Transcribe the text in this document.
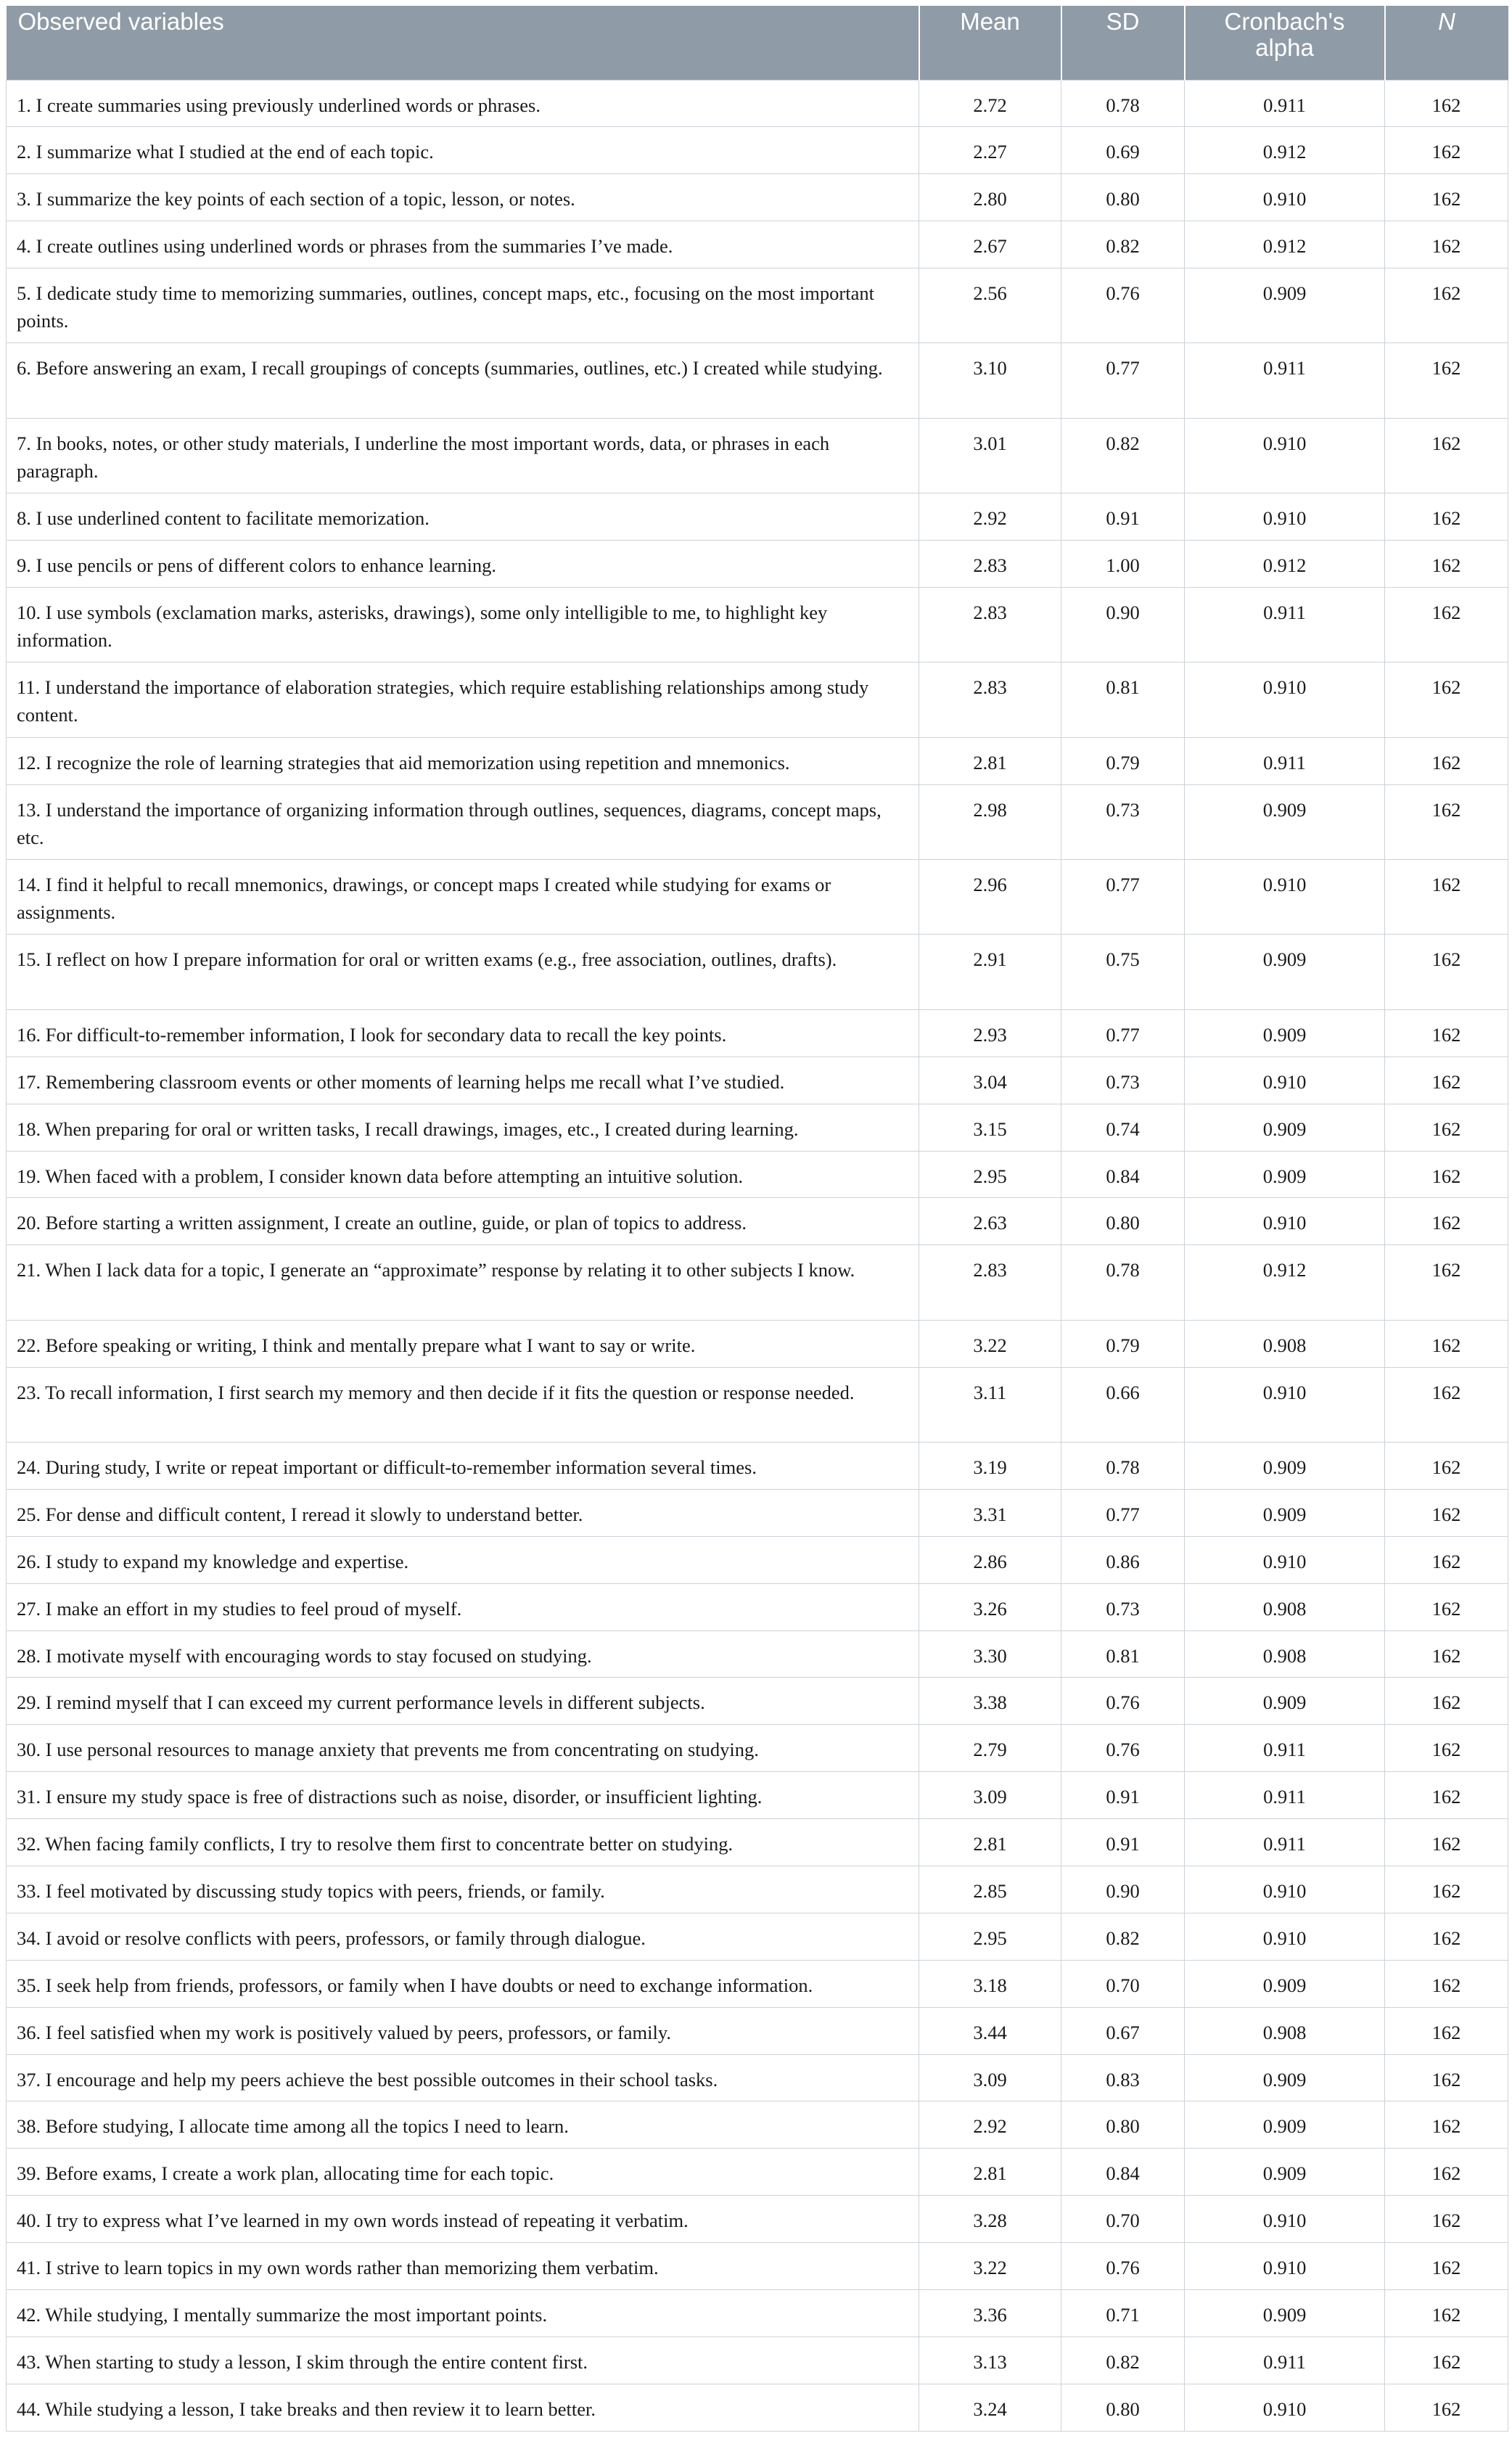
Observed variables	Mean	SD	Cronbach's alpha	N
1. I create summaries using previously underlined words or phrases.	2.72	0.78	0.911	162
2. I summarize what I studied at the end of each topic.	2.27	0.69	0.912	162
3. I summarize the key points of each section of a topic, lesson, or notes.	2.80	0.80	0.910	162
4. I create outlines using underlined words or phrases from the summaries I’ve made.	2.67	0.82	0.912	162
5. I dedicate study time to memorizing summaries, outlines, concept maps, etc., focusing on the most important points.	2.56	0.76	0.909	162
6. Before answering an exam, I recall groupings of concepts (summaries, outlines, etc.) I created while studying.	3.10	0.77	0.911	162
7. In books, notes, or other study materials, I underline the most important words, data, or phrases in each paragraph.	3.01	0.82	0.910	162
8. I use underlined content to facilitate memorization.	2.92	0.91	0.910	162
9. I use pencils or pens of different colors to enhance learning.	2.83	1.00	0.912	162
10. I use symbols (exclamation marks, asterisks, drawings), some only intelligible to me, to highlight key information.	2.83	0.90	0.911	162
11. I understand the importance of elaboration strategies, which require establishing relationships among study content.	2.83	0.81	0.910	162
12. I recognize the role of learning strategies that aid memorization using repetition and mnemonics.	2.81	0.79	0.911	162
13. I understand the importance of organizing information through outlines, sequences, diagrams, concept maps, etc.	2.98	0.73	0.909	162
14. I find it helpful to recall mnemonics, drawings, or concept maps I created while studying for exams or assignments.	2.96	0.77	0.910	162
15. I reflect on how I prepare information for oral or written exams (e.g., free association, outlines, drafts).	2.91	0.75	0.909	162
16. For difficult-to-remember information, I look for secondary data to recall the key points.	2.93	0.77	0.909	162
17. Remembering classroom events or other moments of learning helps me recall what I’ve studied.	3.04	0.73	0.910	162
18. When preparing for oral or written tasks, I recall drawings, images, etc., I created during learning.	3.15	0.74	0.909	162
19. When faced with a problem, I consider known data before attempting an intuitive solution.	2.95	0.84	0.909	162
20. Before starting a written assignment, I create an outline, guide, or plan of topics to address.	2.63	0.80	0.910	162
21. When I lack data for a topic, I generate an “approximate” response by relating it to other subjects I know.	2.83	0.78	0.912	162
22. Before speaking or writing, I think and mentally prepare what I want to say or write.	3.22	0.79	0.908	162
23. To recall information, I first search my memory and then decide if it fits the question or response needed.	3.11	0.66	0.910	162
24. During study, I write or repeat important or difficult-to-remember information several times.	3.19	0.78	0.909	162
25. For dense and difficult content, I reread it slowly to understand better.	3.31	0.77	0.909	162
26. I study to expand my knowledge and expertise.	2.86	0.86	0.910	162
27. I make an effort in my studies to feel proud of myself.	3.26	0.73	0.908	162
28. I motivate myself with encouraging words to stay focused on studying.	3.30	0.81	0.908	162
29. I remind myself that I can exceed my current performance levels in different subjects.	3.38	0.76	0.909	162
30. I use personal resources to manage anxiety that prevents me from concentrating on studying.	2.79	0.76	0.911	162
31. I ensure my study space is free of distractions such as noise, disorder, or insufficient lighting.	3.09	0.91	0.911	162
32. When facing family conflicts, I try to resolve them first to concentrate better on studying.	2.81	0.91	0.911	162
33. I feel motivated by discussing study topics with peers, friends, or family.	2.85	0.90	0.910	162
34. I avoid or resolve conflicts with peers, professors, or family through dialogue.	2.95	0.82	0.910	162
35. I seek help from friends, professors, or family when I have doubts or need to exchange information.	3.18	0.70	0.909	162
36. I feel satisfied when my work is positively valued by peers, professors, or family.	3.44	0.67	0.908	162
37. I encourage and help my peers achieve the best possible outcomes in their school tasks.	3.09	0.83	0.909	162
38. Before studying, I allocate time among all the topics I need to learn.	2.92	0.80	0.909	162
39. Before exams, I create a work plan, allocating time for each topic.	2.81	0.84	0.909	162
40. I try to express what I’ve learned in my own words instead of repeating it verbatim.	3.28	0.70	0.910	162
41. I strive to learn topics in my own words rather than memorizing them verbatim.	3.22	0.76	0.910	162
42. While studying, I mentally summarize the most important points.	3.36	0.71	0.909	162
43. When starting to study a lesson, I skim through the entire content first.	3.13	0.82	0.911	162
44. While studying a lesson, I take breaks and then review it to learn better.	3.24	0.80	0.910	162
